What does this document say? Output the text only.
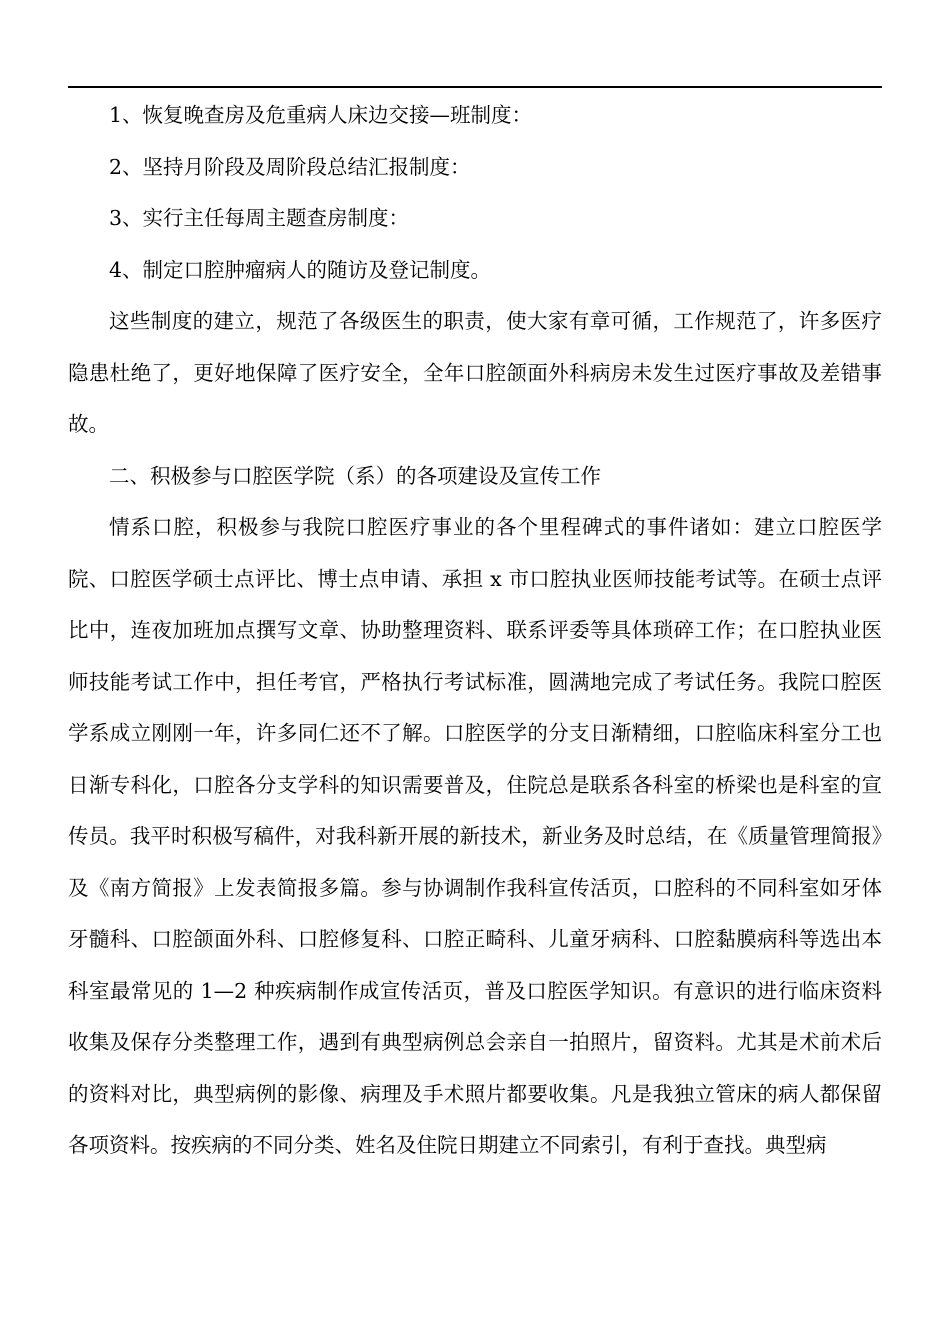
1、恢复晚查房及危重病人床边交接—班制度：

2、坚持月阶段及周阶段总结汇报制度：

3、实行主任每周主题查房制度：

4、制定口腔肿瘤病人的随访及登记制度。

这些制度的建立，规范了各级医生的职责，使大家有章可循，工作规范了，许多医疗隐患杜绝了，更好地保障了医疗安全，全年口腔颌面外科病房未发生过医疗事故及差错事故。

二、积极参与口腔医学院（系）的各项建设及宣传工作

情系口腔，积极参与我院口腔医疗事业的各个里程碑式的事件诸如：建立口腔医学院、口腔医学硕士点评比、博士点申请、承担 x 市口腔执业医师技能考试等。在硕士点评比中，连夜加班加点撰写文章、协助整理资料、联系评委等具体琐碎工作；在口腔执业医师技能考试工作中，担任考官，严格执行考试标准，圆满地完成了考试任务。我院口腔医学系成立刚刚一年，许多同仁还不了解。口腔医学的分支日渐精细，口腔临床科室分工也日渐专科化，口腔各分支学科的知识需要普及，住院总是联系各科室的桥梁也是科室的宣传员。我平时积极写稿件，对我科新开展的新技术，新业务及时总结，在《质量管理简报》及《南方简报》上发表简报多篇。参与协调制作我科宣传活页，口腔科的不同科室如牙体牙髓科、口腔颌面外科、口腔修复科、口腔正畸科、儿童牙病科、口腔黏膜病科等选出本科室最常见的 1—2 种疾病制作成宣传活页，普及口腔医学知识。有意识的进行临床资料收集及保存分类整理工作，遇到有典型病例总会亲自一拍照片，留资料。尤其是术前术后的资料对比，典型病例的影像、病理及手术照片都要收集。凡是我独立管床的病人都保留各项资料。按疾病的不同分类、姓名及住院日期建立不同索引，有利于查找。典型病
